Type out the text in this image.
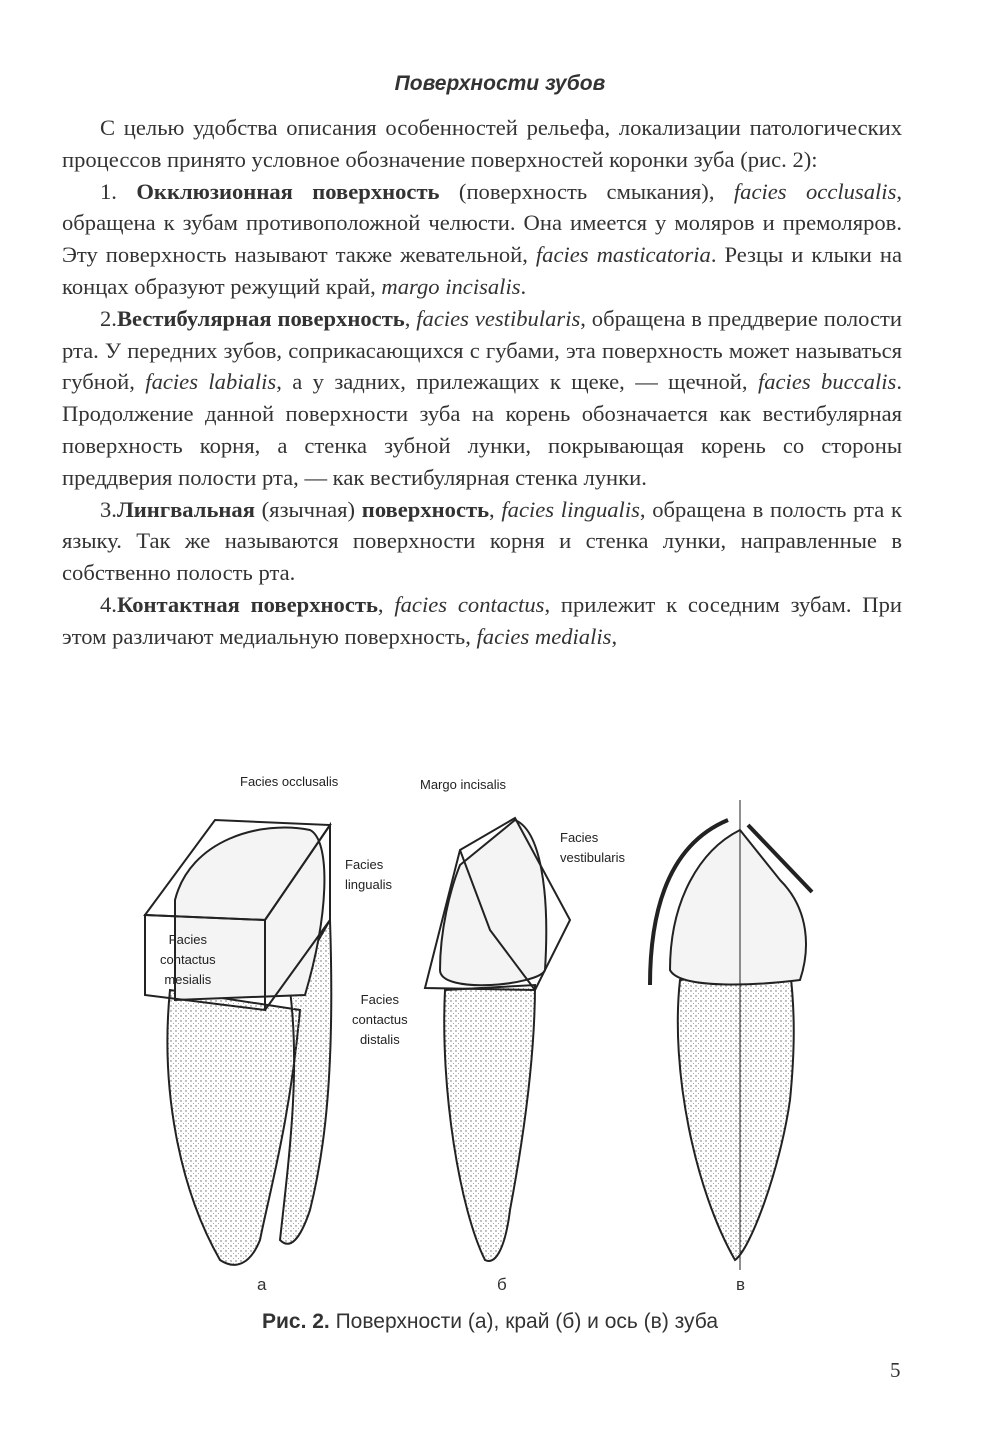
Поверхности зубов

С целью удобства описания особенностей рельефа, локализации патологических процессов принято условное обозначение поверхностей коронки зуба (рис. 2):

1. Окклюзионная поверхность (поверхность смыкания), facies occlusalis, обращена к зубам противоположной челюсти. Она имеется у моляров и премоляров. Эту поверхность называют также жевательной, facies masticatoria. Резцы и клыки на концах образуют режущий край, margo incisalis.

2.Вестибулярная поверхность, facies vestibularis, обращена в преддверие полости рта. У передних зубов, соприкасающихся с губами, эта поверхность может называться губной, facies labialis, а у задних, прилежащих к щеке, — щечной, facies buccalis. Продолжение данной поверхности зуба на корень обозначается как вестибулярная поверхность корня, а стенка зубной лунки, покрывающая корень со стороны преддверия полости рта, — как вестибулярная стенка лунки.

3.Лингвальная (язычная) поверхность, facies lingualis, обращена в полость рта к языку. Так же называются поверхности корня и стенка лунки, направленные в собственно полость рта.

4.Контактная поверхность, facies contactus, прилежит к соседним зубам. При этом различают медиальную поверхность, facies medialis,

Facies occlusalis
Facies
lingualis
Facies
contactus
mesialis
Margo incisalis
Facies
vestibularis
Facies
contactus
distalis
а	б	в
Рис. 2. Поверхности (а), край (б) и ось (в) зуба
5
